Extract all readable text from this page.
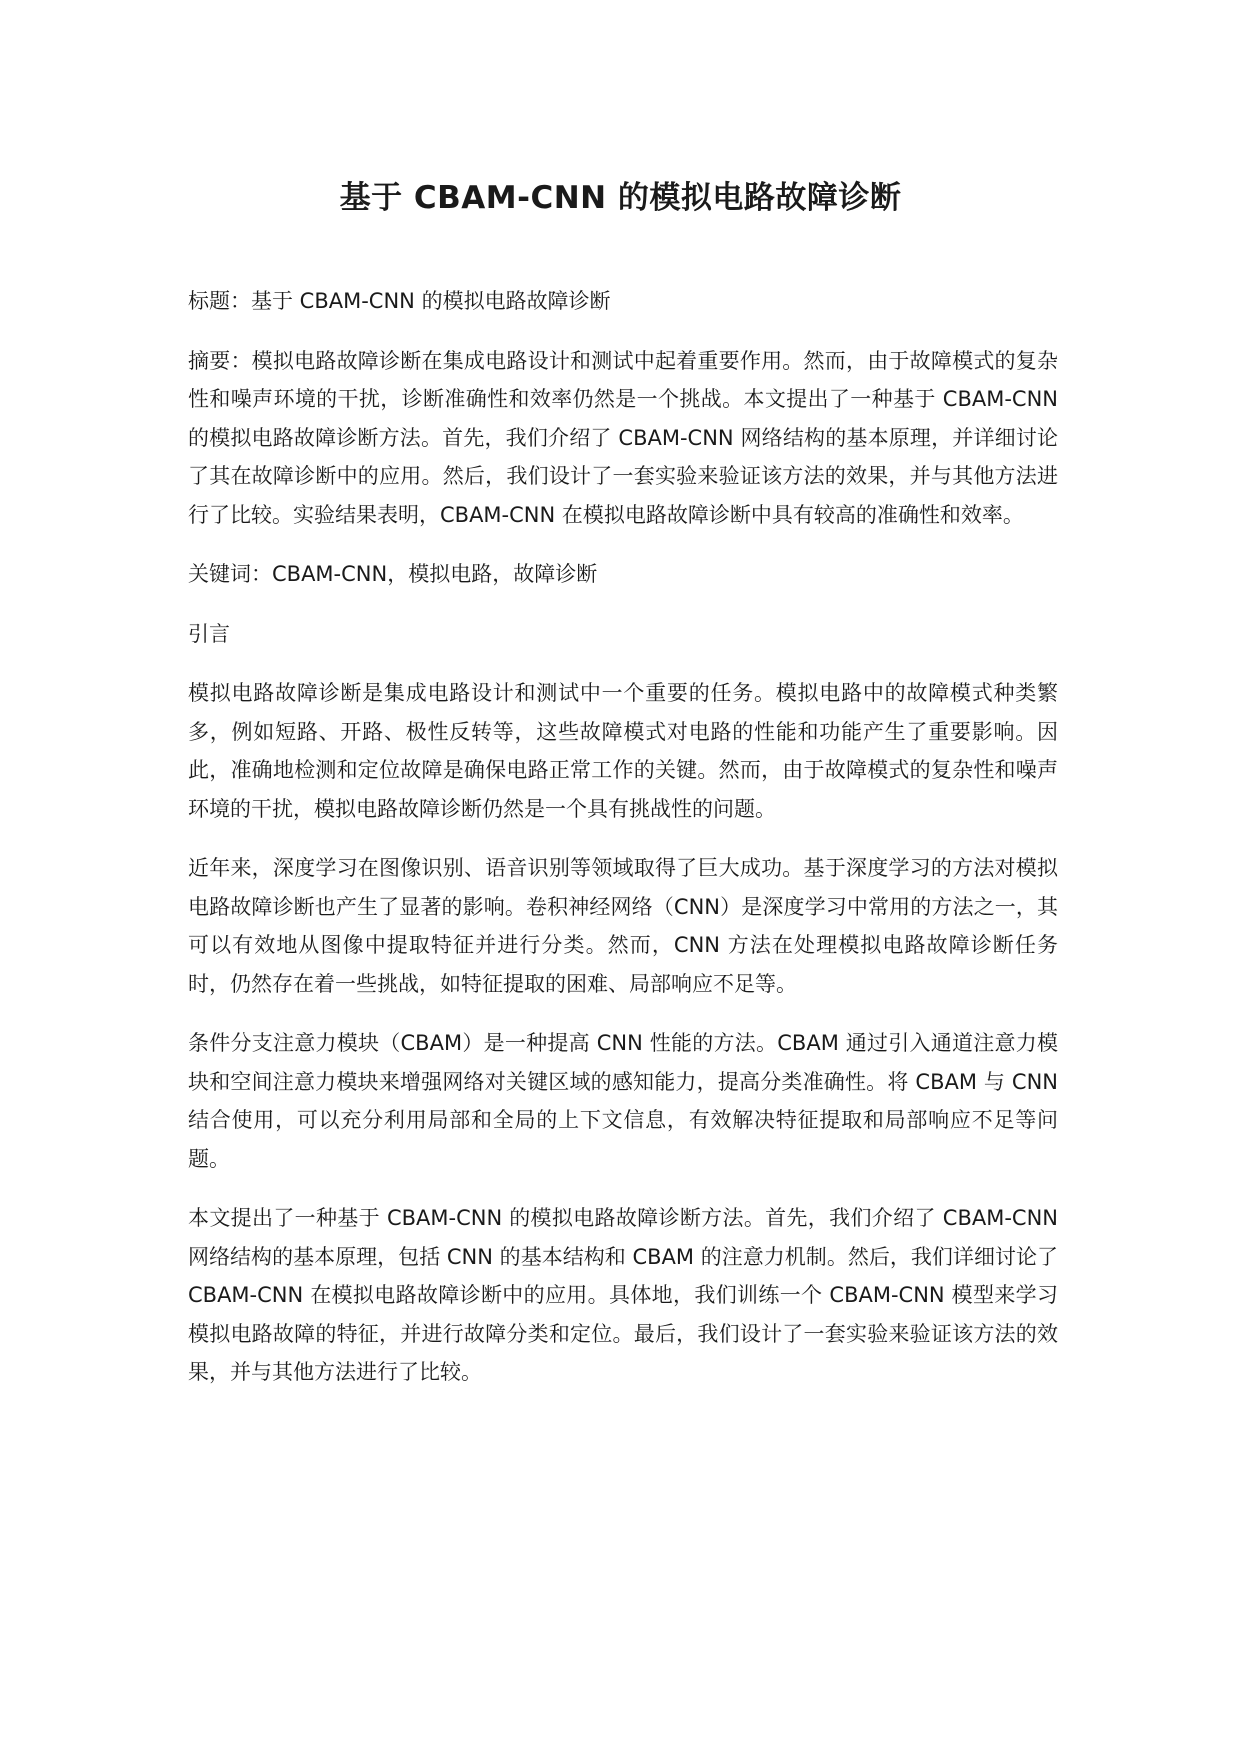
基于 CBAM-CNN 的模拟电路故障诊断

标题：基于 CBAM-CNN 的模拟电路故障诊断

摘要：模拟电路故障诊断在集成电路设计和测试中起着重要作用。然而，由于故障模式的复杂性和噪声环境的干扰，诊断准确性和效率仍然是一个挑战。本文提出了一种基于 CBAM-CNN 的模拟电路故障诊断方法。首先，我们介绍了 CBAM-CNN 网络结构的基本原理，并详细讨论了其在故障诊断中的应用。然后，我们设计了一套实验来验证该方法的效果，并与其他方法进行了比较。实验结果表明，CBAM-CNN 在模拟电路故障诊断中具有较高的准确性和效率。

关键词：CBAM-CNN，模拟电路，故障诊断

引言

模拟电路故障诊断是集成电路设计和测试中一个重要的任务。模拟电路中的故障模式种类繁多，例如短路、开路、极性反转等，这些故障模式对电路的性能和功能产生了重要影响。因此，准确地检测和定位故障是确保电路正常工作的关键。然而，由于故障模式的复杂性和噪声环境的干扰，模拟电路故障诊断仍然是一个具有挑战性的问题。

近年来，深度学习在图像识别、语音识别等领域取得了巨大成功。基于深度学习的方法对模拟电路故障诊断也产生了显著的影响。卷积神经网络（CNN）是深度学习中常用的方法之一，其可以有效地从图像中提取特征并进行分类。然而，CNN 方法在处理模拟电路故障诊断任务时，仍然存在着一些挑战，如特征提取的困难、局部响应不足等。

条件分支注意力模块（CBAM）是一种提高 CNN 性能的方法。CBAM 通过引入通道注意力模块和空间注意力模块来增强网络对关键区域的感知能力，提高分类准确性。将 CBAM 与 CNN 结合使用，可以充分利用局部和全局的上下文信息，有效解决特征提取和局部响应不足等问题。

本文提出了一种基于 CBAM-CNN 的模拟电路故障诊断方法。首先，我们介绍了 CBAM-CNN 网络结构的基本原理，包括 CNN 的基本结构和 CBAM 的注意力机制。然后，我们详细讨论了 CBAM-CNN 在模拟电路故障诊断中的应用。具体地，我们训练一个 CBAM-CNN 模型来学习模拟电路故障的特征，并进行故障分类和定位。最后，我们设计了一套实验来验证该方法的效果，并与其他方法进行了比较。
